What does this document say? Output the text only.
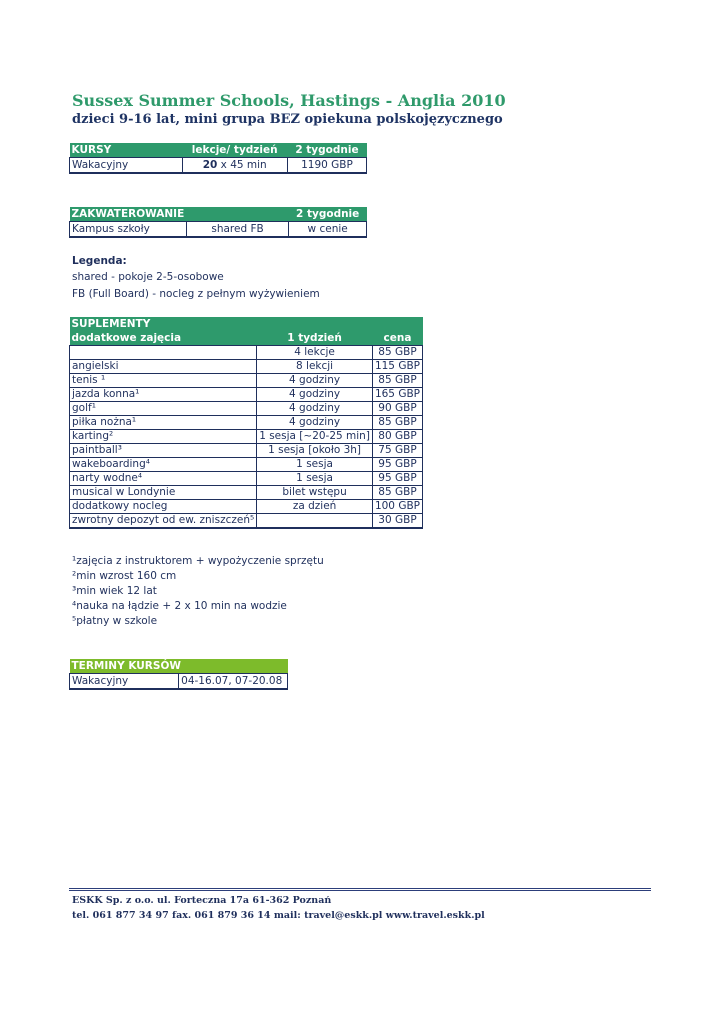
Sussex Summer Schools, Hastings - Anglia 2010
dzieci 9-16 lat, mini grupa BEZ opiekuna polskojęzycznego
KURSY	lekcje/ tydzień	2 tygodnie
Wakacyjny	20 x 45 min	1190 GBP
ZAKWATEROWANIE		2 tygodnie
Kampus szkoły	shared FB	w cenie
Legenda:
shared - pokoje 2-5-osobowe
FB (Full Board) - nocleg z pełnym wyżywieniem
SUPLEMENTY		
dodatkowe zajęcia	1 tydzień	cena
	4 lekcje	85 GBP
angielski	8 lekcji	115 GBP
tenis ¹	4 godziny	85 GBP
jazda konna¹	4 godziny	165 GBP
golf¹	4 godziny	90 GBP
piłka nożna¹	4 godziny	85 GBP
karting²	1 sesja [~20-25 min]	80 GBP
paintball³	1 sesja [około 3h]	75 GBP
wakeboarding⁴	1 sesja	95 GBP
narty wodne⁴	1 sesja	95 GBP
musical w Londynie	bilet wstępu	85 GBP
dodatkowy nocleg	za dzień	100 GBP
zwrotny depozyt od ew. zniszczeń⁵		30 GBP
¹zajęcia z instruktorem + wypożyczenie sprzętu
²min wzrost 160 cm
³min wiek 12 lat
⁴nauka na łądzie + 2 x 10 min na wodzie
⁵płatny w szkole
TERMINY KURSÓW
Wakacyjny	04-16.07, 07-20.08
ESKK Sp. z o.o. ul. Forteczna 17a 61-362 Poznań
tel. 061 877 34 97 fax. 061 879 36 14 mail: travel@eskk.pl www.travel.eskk.pl
